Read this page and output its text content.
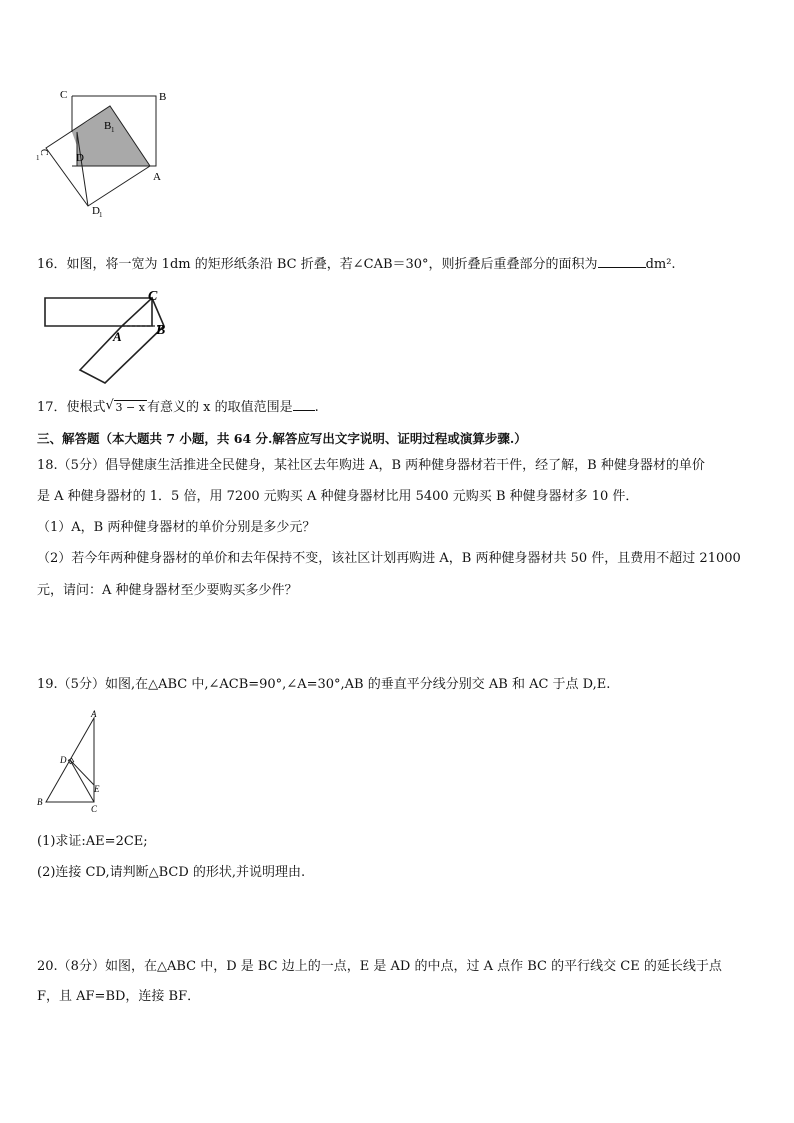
C	B
B 1
C
1	D
A
D 1
16．如图，将一宽为 1dm 的矩形纸条沿 BC 折叠，若∠CAB＝30°，则折叠后重叠部分的面积为	dm².
C
A B
17．使根式 √ 3 − x 有意义的 x 的取值范围是 .
三、解答题（本大题共 7 小题，共 64 分.解答应写出文字说明、证明过程或演算步骤.）
18.（5分）倡导健康生活推进全民健身，某社区去年购进 A，B 两种健身器材若干件，经了解，B 种健身器材的单价
是 A 种健身器材的 1．5 倍，用 7200 元购买 A 种健身器材比用 5400 元购买 B 种健身器材多 10 件．
（1）A，B 两种健身器材的单价分别是多少元？
（2）若今年两种健身器材的单价和去年保持不变，该社区计划再购进 A，B 两种健身器材共 50 件，且费用不超过 21000
元，请问：A 种健身器材至少要购买多少件？
19.（5分）如图,在△ABC 中,∠ACB=90°,∠A=30°,AB 的垂直平分线分别交 AB 和 AC 于点 D,E.
A
D
E
B
C
(1)求证:AE=2CE;
(2)连接 CD,请判断△BCD 的形状,并说明理由.
20.（8分）如图，在△ABC 中，D 是 BC 边上的一点，E 是 AD 的中点，过 A 点作 BC 的平行线交 CE 的延长线于点
F，且 AF=BD，连接 BF．
